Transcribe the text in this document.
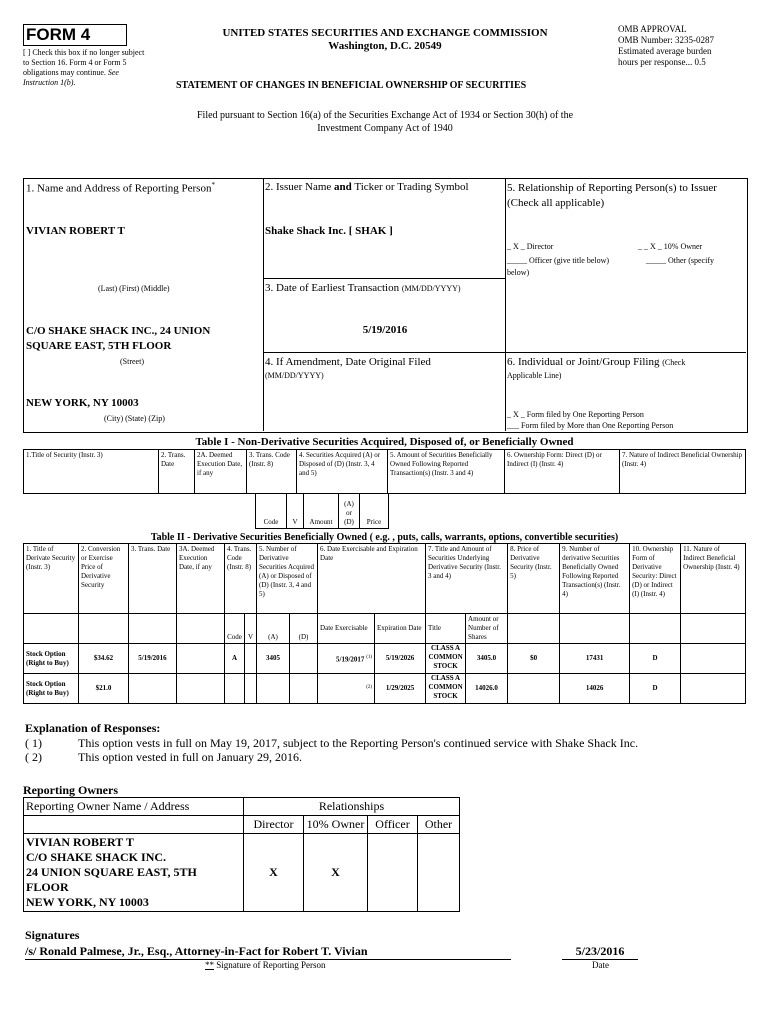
FORM 4
[ ] Check this box if no longer subject to Section 16. Form 4 or Form 5 obligations may continue. See Instruction 1(b).
UNITED STATES SECURITIES AND EXCHANGE COMMISSION
Washington, D.C. 20549
OMB APPROVAL
OMB Number: 3235-0287
Estimated average burden
hours per response... 0.5
STATEMENT OF CHANGES IN BENEFICIAL OWNERSHIP OF SECURITIES
Filed pursuant to Section 16(a) of the Securities Exchange Act of 1934 or Section 30(h) of the
Investment Company Act of 1940
1. Name and Address of Reporting Person*
VIVIAN ROBERT T
(Last) (First) (Middle)
C/O SHAKE SHACK INC., 24 UNION SQUARE EAST, 5TH FLOOR
(Street)
NEW YORK, NY 10003
(City) (State) (Zip)
2. Issuer Name and Ticker or Trading Symbol
Shake Shack Inc. [ SHAK ]
3. Date of Earliest Transaction (MM/DD/YYYY)
5/19/2016
4. If Amendment, Date Original Filed
(MM/DD/YYYY)
5. Relationship of Reporting Person(s) to Issuer
(Check all applicable)
_ X _ Director	_ _ X _ 10% Owner
_____ Officer (give title below)	_____ Other (specify
below)
6. Individual or Joint/Group Filing (Check
Applicable Line)
_ X _ Form filed by One Reporting Person
___ Form filed by More than One Reporting Person
Table I - Non-Derivative Securities Acquired, Disposed of, or Beneficially Owned
1.Title of Security (Instr. 3)	2. Trans. Date	2A. Deemed Execution Date, if any	3. Trans. Code (Instr. 8)	4. Securities Acquired (A) or Disposed of (D) (Instr. 3, 4 and 5)	5. Amount of Securities Beneficially Owned Following Reported Transaction(s) (Instr. 3 and 4)	6. Ownership Form: Direct (D) or Indirect (I) (Instr. 4)	7. Nature of Indirect Beneficial Ownership (Instr. 4)
Code	V	Amount	(A) or (D)	Price
Table II - Derivative Securities Beneficially Owned ( e.g. , puts, calls, warrants, options, convertible securities)
1. Title of Derivate Security (Instr. 3)	2. Conversion or Exercise Price of Derivative Security	3. Trans. Date	3A. Deemed Execution Date, if any	4. Trans. Code (Instr. 8)		5. Number of Derivative Securities Acquired (A) or Disposed of (D) (Instr. 3, 4 and 5)		6. Date Exercisable and Expiration Date		7. Title and Amount of Securities Underlying Derivative Security (Instr. 3 and 4)		8. Price of Derivative Security (Instr. 5)	9. Number of derivative Securities Beneficially Owned Following Reported Transaction(s) (Instr. 4)	10. Ownership Form of Derivative Security: Direct (D) or Indirect (I) (Instr. 4)	11. Nature of Indirect Beneficial Ownership (Instr. 4)
				Code	V	(A)	(D)	Date Exercisable	Expiration Date	Title	Amount or Number of Shares				
Stock Option (Right to Buy)	$34.62	5/19/2016		A		3405		5/19/2017 $^{(1)}$	5/19/2026	CLASS A COMMON STOCK	3405.0	$0	17431	D	
Stock Option (Right to Buy)	$21.0							$^{(2)}$	1/29/2025	CLASS A COMMON STOCK	14026.0		14026	D	
Explanation of Responses:
( 1)	This option vests in full on May 19, 2017, subject to the Reporting Person's continued service with Shake Shack Inc.
( 2)	This option vested in full on January 29, 2016.
Reporting Owners
Reporting Owner Name / Address	Relationships			
	Director	10% Owner	Officer	Other

VIVIAN ROBERT T
C/O SHAKE SHACK INC.
24 UNION SQUARE EAST, 5TH
FLOOR
NEW YORK, NY 10003	X	X		
Signatures
/s/ Ronald Palmese, Jr., Esq., Attorney-in-Fact for Robert T. Vivian	5/23/2016
** Signature of Reporting Person	Date
